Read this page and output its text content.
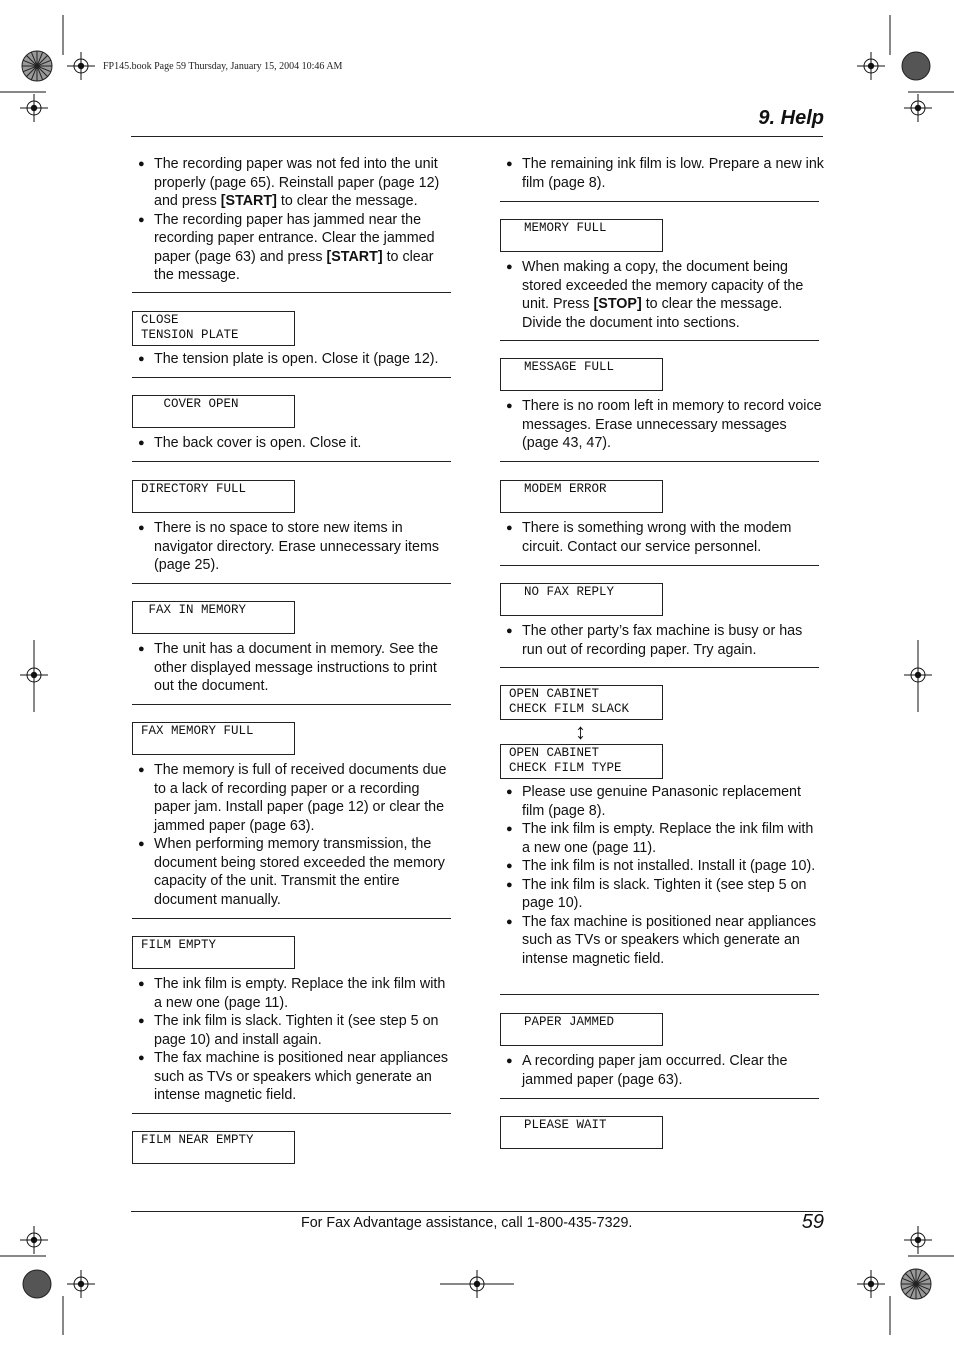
FP145.book Page 59 Thursday, January 15, 2004 10:46 AM
9. Help

● The recording paper was not fed into the unit properly (page 65). Reinstall paper (page 12) and press [START] to clear the message.

● The recording paper has jammed near the recording paper entrance. Clear the jammed paper (page 63) and press [START] to clear the message.

CLOSE
TENSION PLATE

● The tension plate is open. Close it (page 12).

COVER OPEN

● The back cover is open. Close it.

DIRECTORY FULL

● There is no space to store new items in navigator directory. Erase unnecessary items (page 25).

FAX IN MEMORY

● The unit has a document in memory. See the other displayed message instructions to print out the document.

FAX MEMORY FULL

● The memory is full of received documents due to a lack of recording paper or a recording paper jam. Install paper (page 12) or clear the jammed paper (page 63).

● When performing memory transmission, the document being stored exceeded the memory capacity of the unit. Transmit the entire document manually.

FILM EMPTY

● The ink film is empty. Replace the ink film with a new one (page 11).

● The ink film is slack. Tighten it (see step 5 on page 10) and install again.

● The fax machine is positioned near appliances such as TVs or speakers which generate an intense magnetic field.

FILM NEAR EMPTY

● The remaining ink film is low. Prepare a new ink film (page 8).

MEMORY FULL

● When making a copy, the document being stored exceeded the memory capacity of the unit. Press [STOP] to clear the message. Divide the document into sections.

MESSAGE FULL

● There is no room left in memory to record voice messages. Erase unnecessary messages (page 43, 47).

MODEM ERROR

● There is something wrong with the modem circuit. Contact our service personnel.

NO FAX REPLY

● The other party’s fax machine is busy or has run out of recording paper. Try again.

OPEN CABINET
CHECK FILM SLACK
↕
OPEN CABINET
CHECK FILM TYPE

● Please use genuine Panasonic replacement film (page 8).

● The ink film is empty. Replace the ink film with a new one (page 11).

● The ink film is not installed. Install it (page 10).

● The ink film is slack. Tighten it (see step 5 on page 10).

● The fax machine is positioned near appliances such as TVs or speakers which generate an intense magnetic field.

PAPER JAMMED

● A recording paper jam occurred. Clear the jammed paper (page 63).

PLEASE WAIT
For Fax Advantage assistance, call 1-800-435-7329.	59
